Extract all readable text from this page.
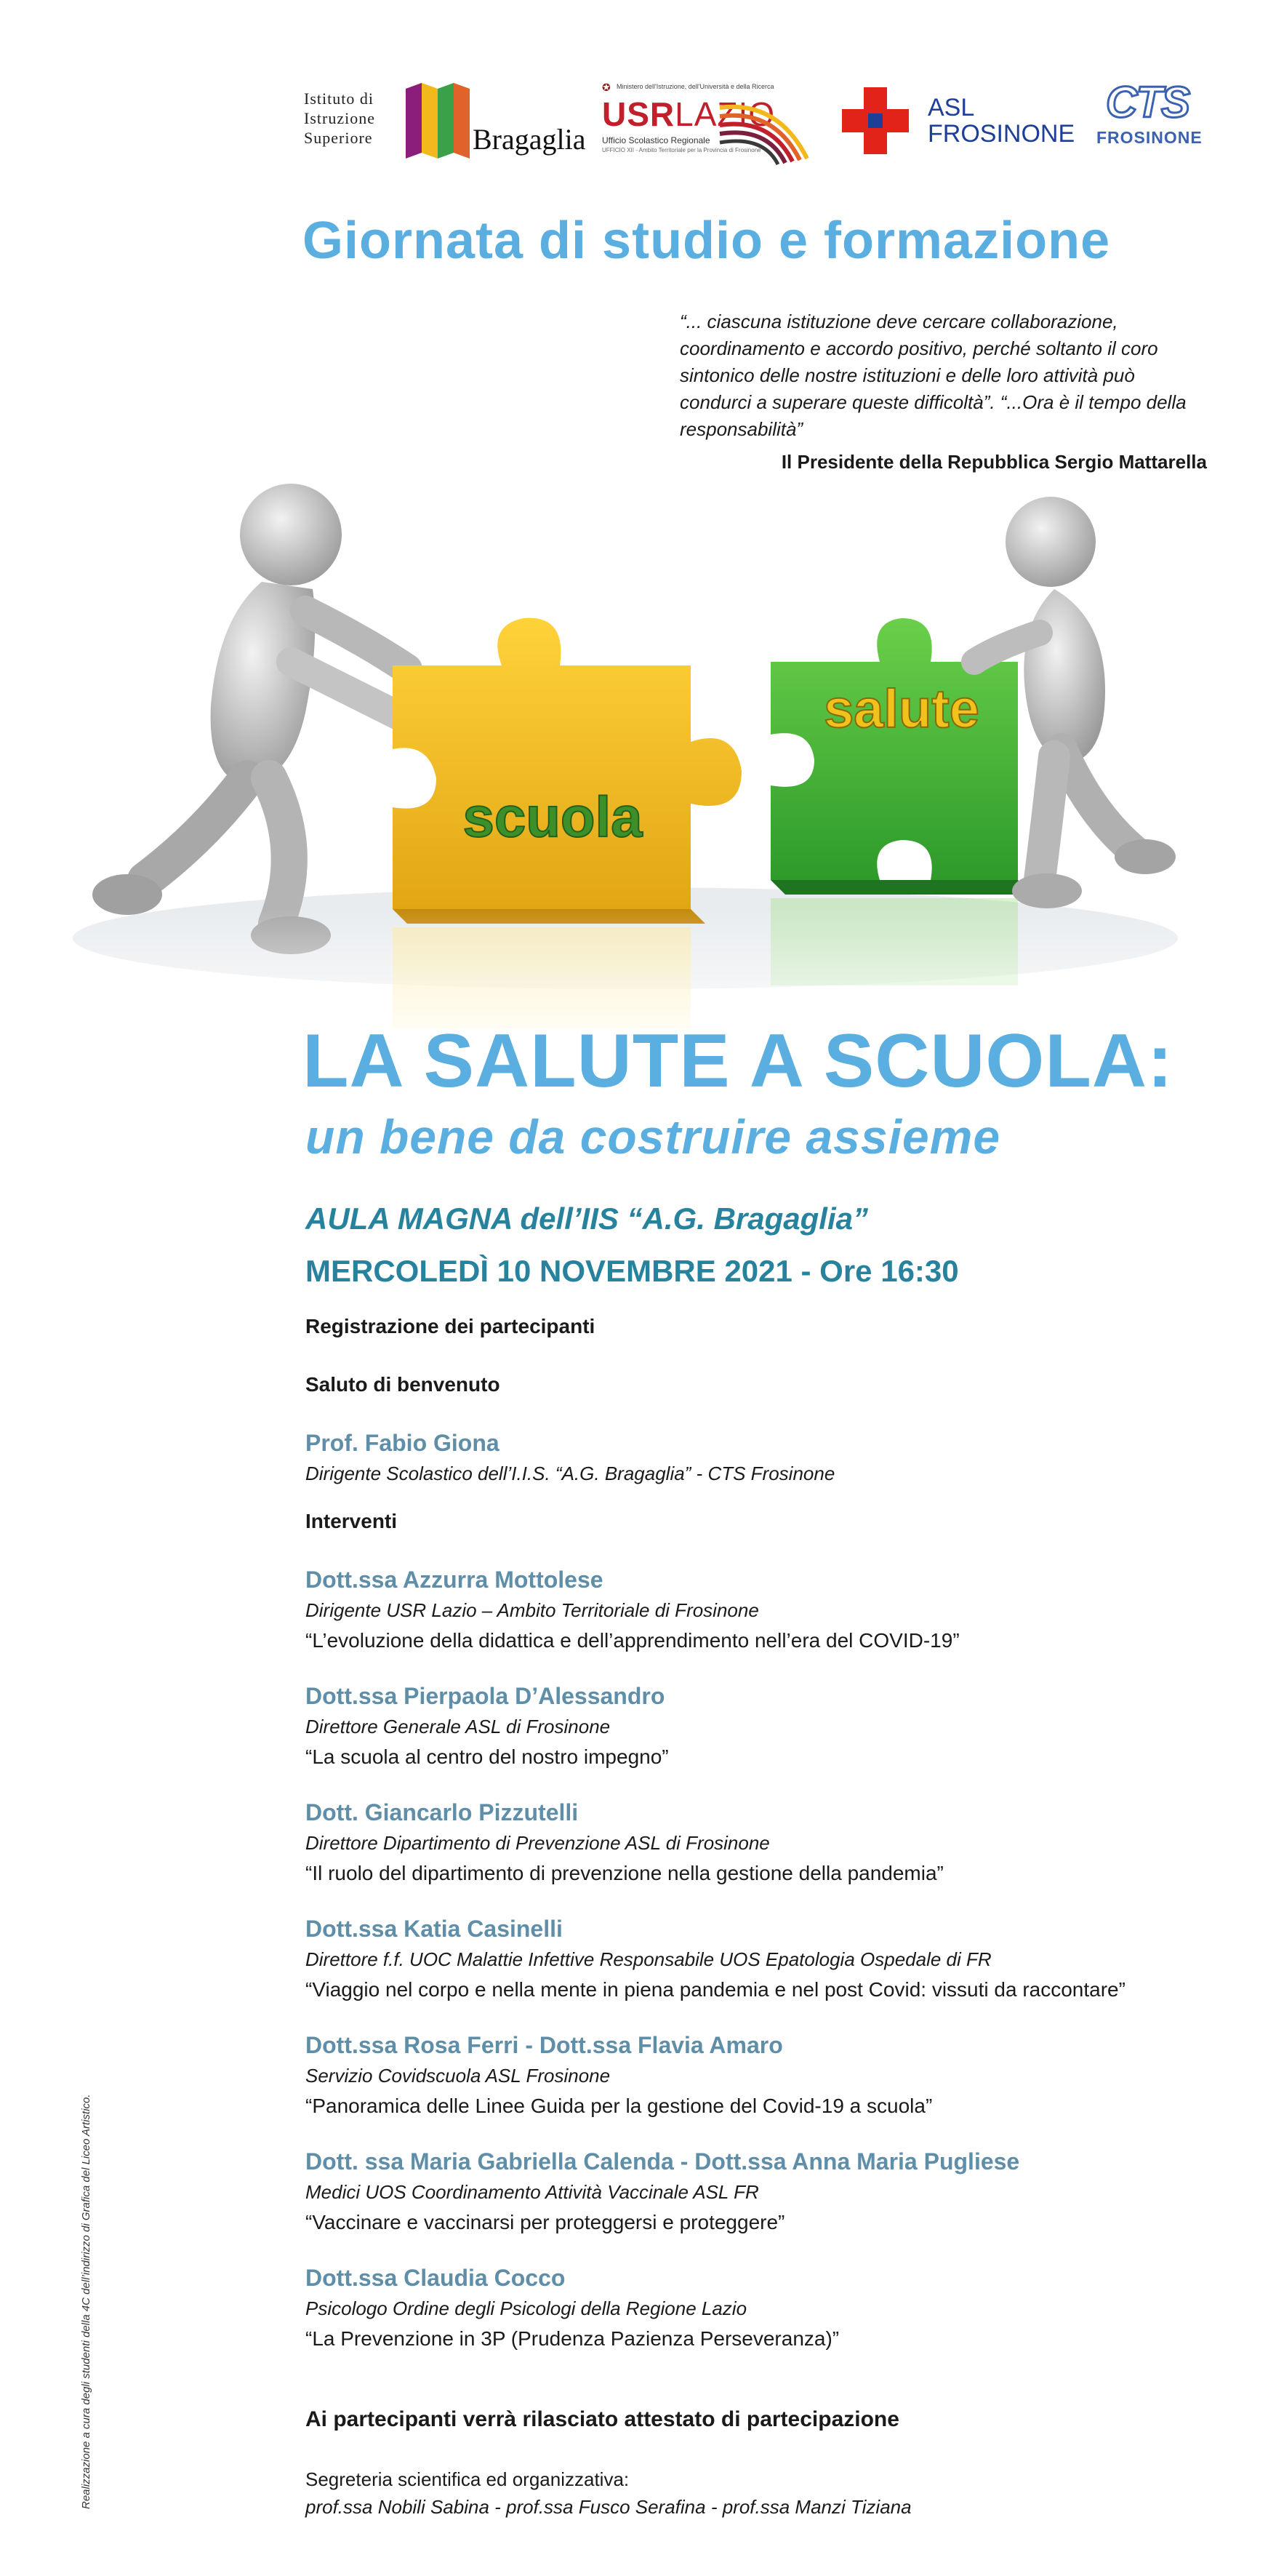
Istituto di
Istruzione
Superiore	Bragaglia
✪ Ministero dell'Istruzione, dell'Università e della Ricerca
USRLAZIO
Ufficio Scolastico Regionale
UFFICIO XII - Ambito Territoriale per la Provincia di Frosinone
ASL
FROSINONE
CTS
FROSINONE
Giornata di studio e formazione
“... ciascuna istituzione deve cercare collaborazione, coordinamento e accordo positivo, perché soltanto il coro sintonico delle nostre istituzioni e delle loro attività può condurci a superare queste difficoltà”. “...Ora è il tempo della responsabilità”
Il Presidente della Repubblica Sergio Mattarella
scuola
salute
LA SALUTE A SCUOLA:
un bene da costruire assieme
AULA MAGNA dell’IIS “A.G. Bragaglia”
MERCOLEDÌ 10 NOVEMBRE 2021 - Ore 16:30
Registrazione dei partecipanti
Saluto di benvenuto
Prof. Fabio Giona
Dirigente Scolastico dell’I.I.S. “A.G. Bragaglia” - CTS Frosinone
Interventi
Dott.ssa Azzurra Mottolese
Dirigente USR Lazio – Ambito Territoriale di Frosinone
“L’evoluzione della didattica e dell’apprendimento nell’era del COVID-19”
Dott.ssa Pierpaola D’Alessandro
Direttore Generale ASL di Frosinone
“La scuola al centro del nostro impegno”
Dott. Giancarlo Pizzutelli
Direttore Dipartimento di Prevenzione ASL di Frosinone
“Il ruolo del dipartimento di prevenzione nella gestione della pandemia”
Dott.ssa Katia Casinelli
Direttore f.f. UOC Malattie Infettive Responsabile UOS Epatologia Ospedale di FR
“Viaggio nel corpo e nella mente in piena pandemia e nel post Covid: vissuti da raccontare”
Dott.ssa Rosa Ferri - Dott.ssa Flavia Amaro
Servizio Covidscuola ASL Frosinone
“Panoramica delle Linee Guida per la gestione del Covid-19 a scuola”
Dott. ssa Maria Gabriella Calenda - Dott.ssa Anna Maria Pugliese
Medici UOS Coordinamento Attività Vaccinale ASL FR
“Vaccinare e vaccinarsi per proteggersi e proteggere”
Dott.ssa Claudia Cocco
Psicologo Ordine degli Psicologi della Regione Lazio
“La Prevenzione in 3P (Prudenza Pazienza Perseveranza)”
Ai partecipanti verrà rilasciato attestato di partecipazione
Segreteria scientifica ed organizzativa:
prof.ssa Nobili Sabina - prof.ssa Fusco Serafina - prof.ssa Manzi Tiziana
Realizzazione a cura degli studenti della 4C dell’indirizzo di Grafica del Liceo Artistico.
